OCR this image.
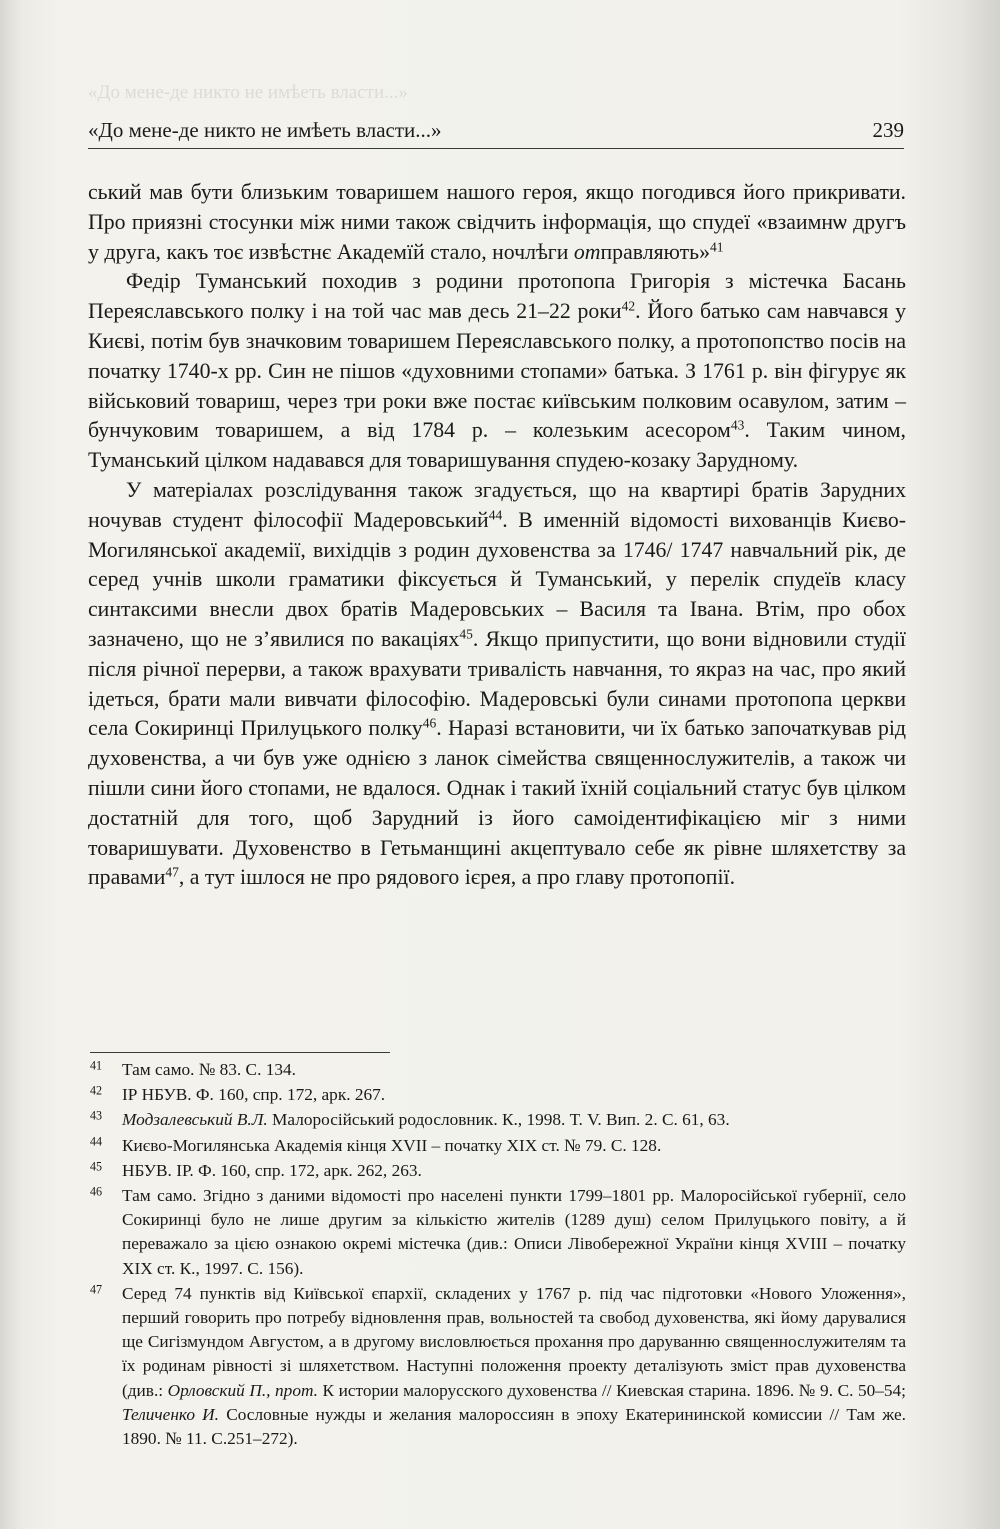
«До мене-де никто не имѣеть власти...»
«До мене-де никто не имѣеть власти...»	239

ський мав бути близьким товаришем нашого героя, якщо погодився його прикривати. Про приязні стосунки між ними також свідчить інформація, що спудеї «взаимнѡ другъ у друга, какъ тоє извѣстнє Академїй стало, ночлѣги отправляють»$^{41}$

Федір Туманський походив з родини протопопа Григорія з містечка Басань Переяславського полку і на той час мав десь 21–22 роки$^{42}$. Його батько сам навчався у Києві, потім був значковим товаришем Переяславського полку, а протопопство посів на початку 1740-х рр. Син не пішов «духовними стопами» батька. З 1761 р. він фігурує як військовий товариш, через три роки вже постає київським полковим осавулом, затим – бунчуковим товаришем, а від 1784 р. – колезьким асесором$^{43}$. Таким чином, Туманський цілком надавався для товаришування спудею-козаку Зарудному.

У матеріалах розслідування також згадується, що на квартирі братів Зарудних ночував студент філософії Мадеровський$^{44}$. В именній відомості вихованців Києво-Могилянської академії, вихідців з родин духовенства за 1746/ 1747 навчальний рік, де серед учнів школи граматики фіксується й Туманський, у перелік спудеїв класу синтаксими внесли двох братів Мадеровських – Василя та Івана. Втім, про обох зазначено, що не з’явилися по вакаціях$^{45}$. Якщо припустити, що вони відновили студії після річної перерви, а також врахувати тривалість навчання, то якраз на час, про який ідеться, брати мали вивчати філософію. Мадеровські були синами протопопа церкви села Сокиринці Прилуцького полку$^{46}$. Наразі встановити, чи їх батько започаткував рід духовенства, а чи був уже однією з ланок сімейства священнослужителів, а також чи пішли сини його стопами, не вдалося. Однак і такий їхній соціальний статус був цілком достатній для того, щоб Зарудний із його самоідентифікацією міг з ними товаришувати. Духовенство в Гетьманщині акцептувало себе як рівне шляхетству за правами$^{47}$, а тут ішлося не про рядового ієрея, а про главу протопопії.

$^{41}$ Там само. № 83. С. 134.
$^{42}$ ІР НБУВ. Ф. 160, спр. 172, арк. 267.
$^{43}$ Модзалевський В.Л. Малоросійський родословник. К., 1998. Т. V. Вип. 2. С. 61, 63.
$^{44}$ Києво-Могилянська Академія кінця XVII – початку XIX ст. № 79. С. 128.
$^{45}$ НБУВ. ІР. Ф. 160, спр. 172, арк. 262, 263.
$^{46}$ Там само. Згідно з даними відомості про населені пункти 1799–1801 рр. Малоросійської губернії, село Сокиринці було не лише другим за кількістю жителів (1289 душ) селом Прилуцького повіту, а й переважало за цією ознакою окремі містечка (див.: Описи Лівобережної України кінця XVIII – початку XIX ст. К., 1997. С. 156).
$^{47}$ Серед 74 пунктів від Київської єпархії, складених у 1767 р. під час підготовки «Нового Уложення», перший говорить про потребу відновлення прав, вольностей та свобод духовенства, які йому дарувалися ще Сигізмундом Августом, а в другому висловлюється прохання про даруванню священнослужителям та їх родинам рівності зі шляхетством. Наступні положення проекту деталізують зміст прав духовенства (див.: Орловский П., прот. К истории малорусского духовенства // Киевская старина. 1896. № 9. С. 50–54; Теличенко И. Сословные нужды и желания малороссиян в эпоху Екатерининской комиссии // Там же. 1890. № 11. С.251–272).
